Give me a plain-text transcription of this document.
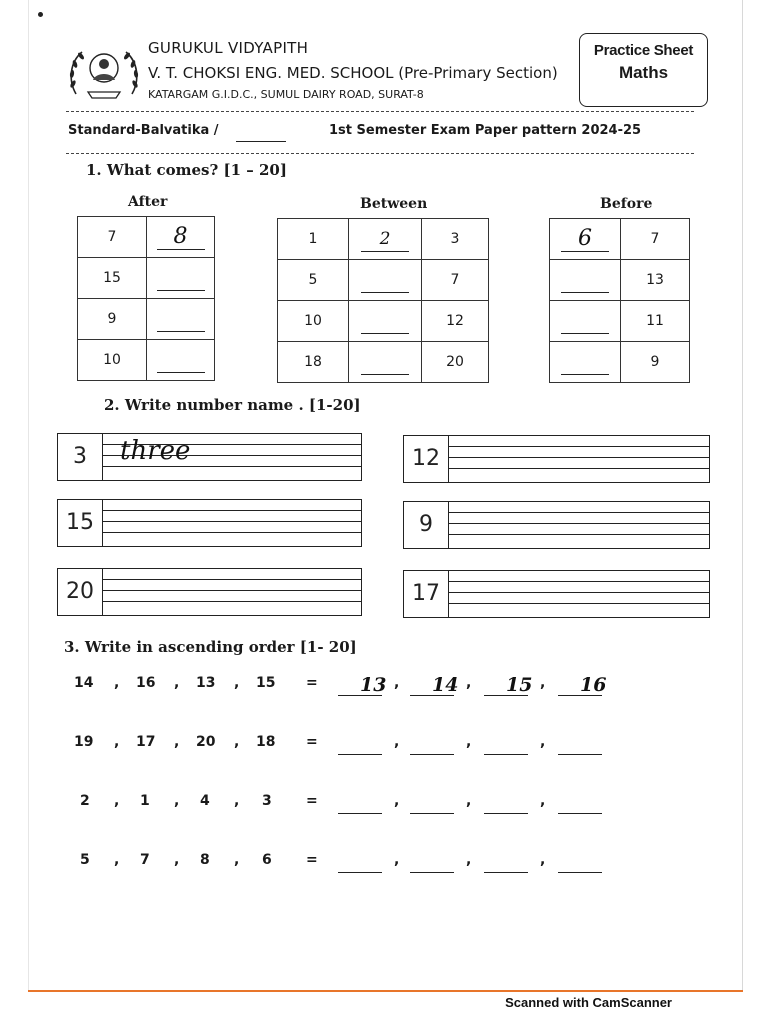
GURUKUL VIDYAPITH
V. T. CHOKSI ENG. MED. SCHOOL (Pre-Primary Section)
KATARGAM G.I.D.C., SUMUL DAIRY ROAD, SURAT-8
Practice Sheet
Maths
Standard-Balvatika /	1st Semester Exam Paper pattern 2024-25
1. What comes? [1 – 20]
After
7	8
15	
9	
10	
Between
1	2	3
5		7
10		12
18		20
Before
6	7
	13
	11
	9
2. Write number name . [1-20]
3	three	12
15	9
20	17
3. Write in ascending order [1- 20]
14 , 16 , 13 , 15 = 13 , 14 , 15 , 16
19 , 17 , 20 , 18 =	,	,	,
2 , 1 , 4 , 3 =	,	,	,
5 , 7 , 8 , 6 =	,	,	,
Scanned with CamScanner
